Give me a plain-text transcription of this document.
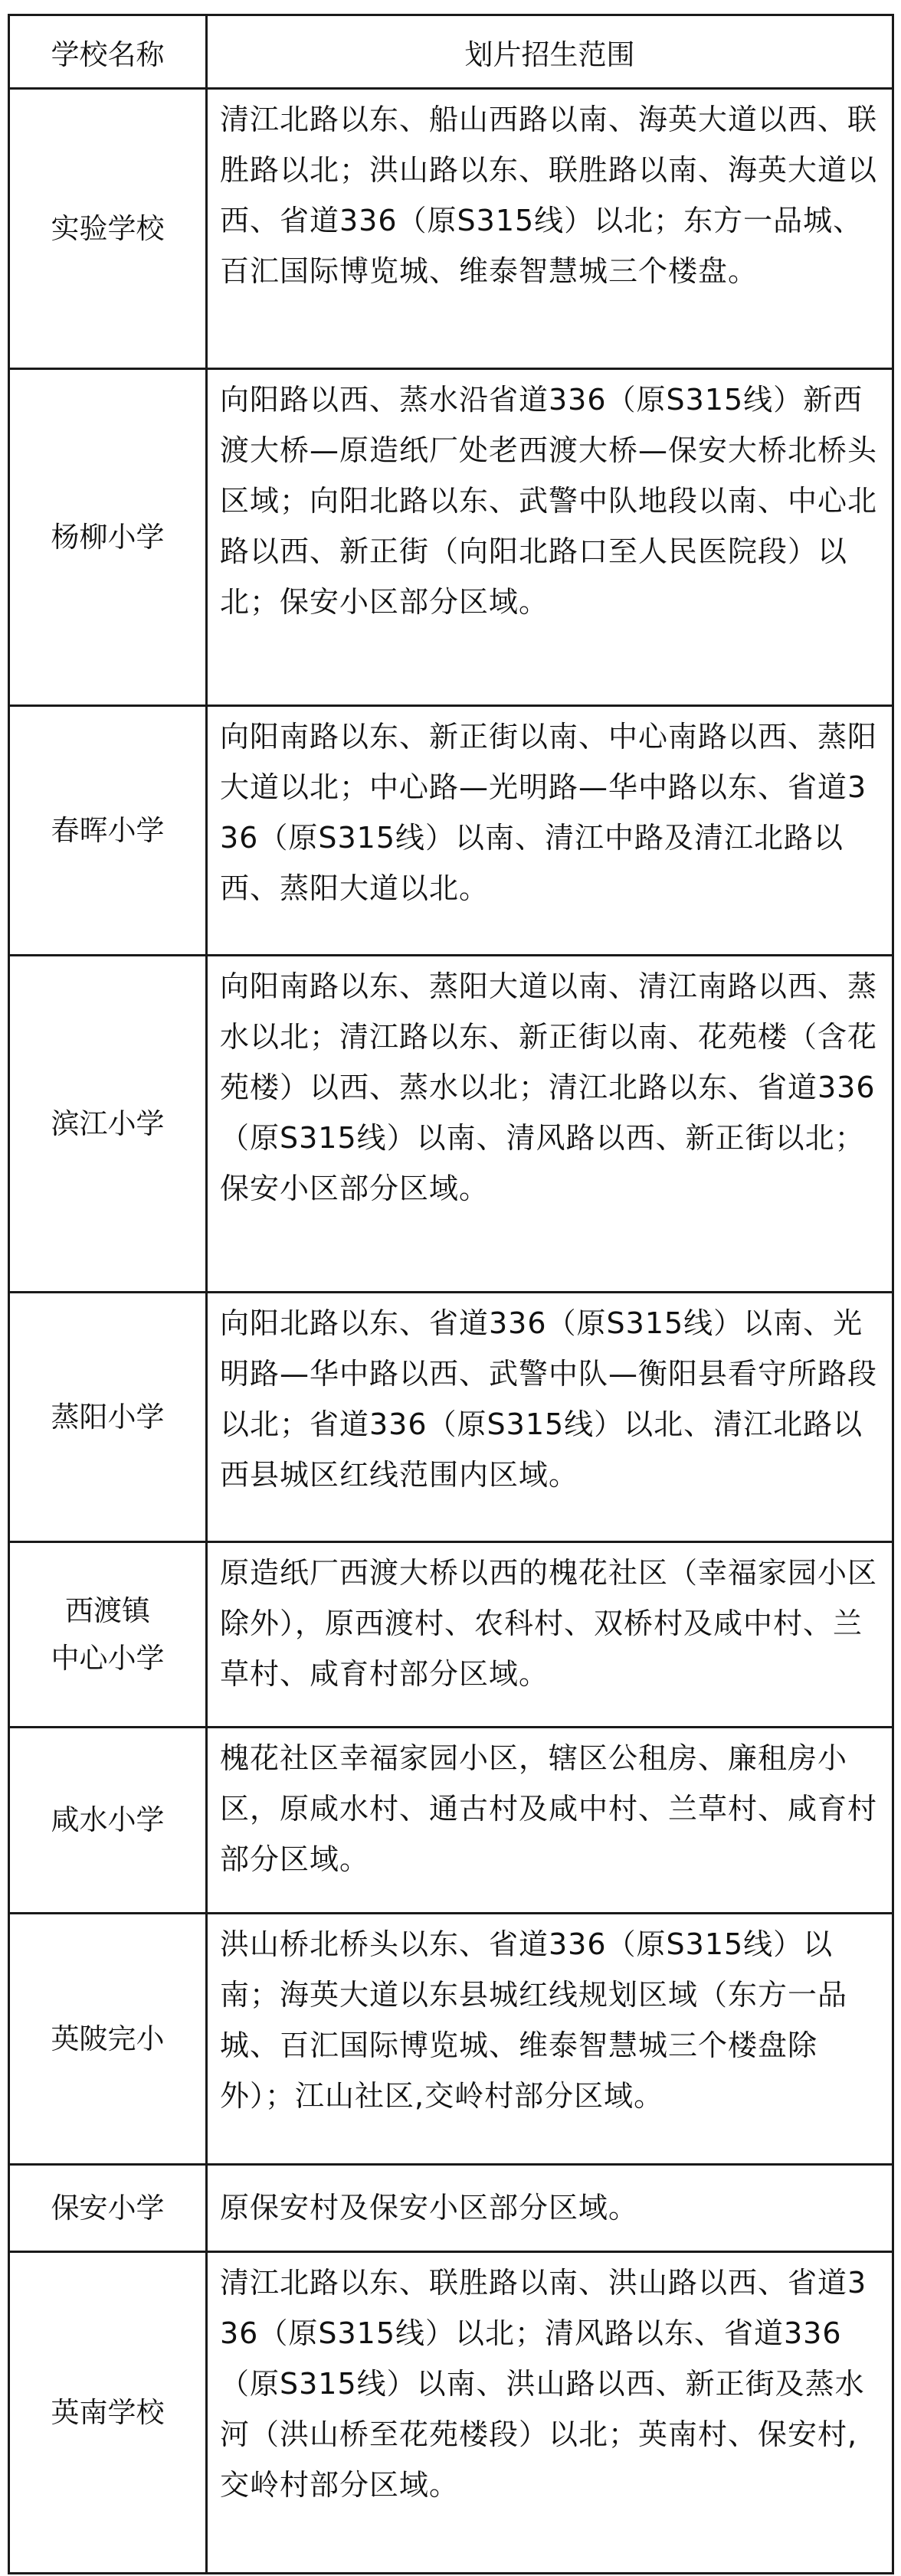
学校名称	划片招生范围

实验学校	清江北路以东、船山西路以南、海英大道以西、联胜路以北；洪山路以东、联胜路以南、海英大道以西、省道336（原S315线）以北；东方一品城、百汇国际博览城、维泰智慧城三个楼盘。

杨柳小学	向阳路以西、蒸水沿省道336（原S315线）新西渡大桥—原造纸厂处老西渡大桥—保安大桥北桥头区域；向阳北路以东、武警中队地段以南、中心北路以西、新正街（向阳北路口至人民医院段）以北；保安小区部分区域。

春晖小学	向阳南路以东、新正街以南、中心南路以西、蒸阳大道以北；中心路—光明路—华中路以东、省道336（原S315线）以南、清江中路及清江北路以西、蒸阳大道以北。

滨江小学	向阳南路以东、蒸阳大道以南、清江南路以西、蒸水以北；清江路以东、新正街以南、花苑楼（含花苑楼）以西、蒸水以北；清江北路以东、省道336（原S315线）以南、清风路以西、新正街以北；保安小区部分区域。

蒸阳小学	向阳北路以东、省道336（原S315线）以南、光明路—华中路以西、武警中队—衡阳县看守所路段以北；省道336（原S315线）以北、清江北路以西县城区红线范围内区域。

西渡镇
中心小学	原造纸厂西渡大桥以西的槐花社区（幸福家园小区除外），原西渡村、农科村、双桥村及咸中村、兰草村、咸育村部分区域。

咸水小学	槐花社区幸福家园小区，辖区公租房、廉租房小区，原咸水村、通古村及咸中村、兰草村、咸育村部分区域。

英陂完小	洪山桥北桥头以东、省道336（原S315线）以南；海英大道以东县城红线规划区域（东方一品城、百汇国际博览城、维泰智慧城三个楼盘除外）；江山社区,交岭村部分区域。

保安小学	原保安村及保安小区部分区域。

英南学校	清江北路以东、联胜路以南、洪山路以西、省道336（原S315线）以北；清风路以东、省道336（原S315线）以南、洪山路以西、新正街及蒸水河（洪山桥至花苑楼段）以北；英南村、保安村, 交岭村部分区域。
